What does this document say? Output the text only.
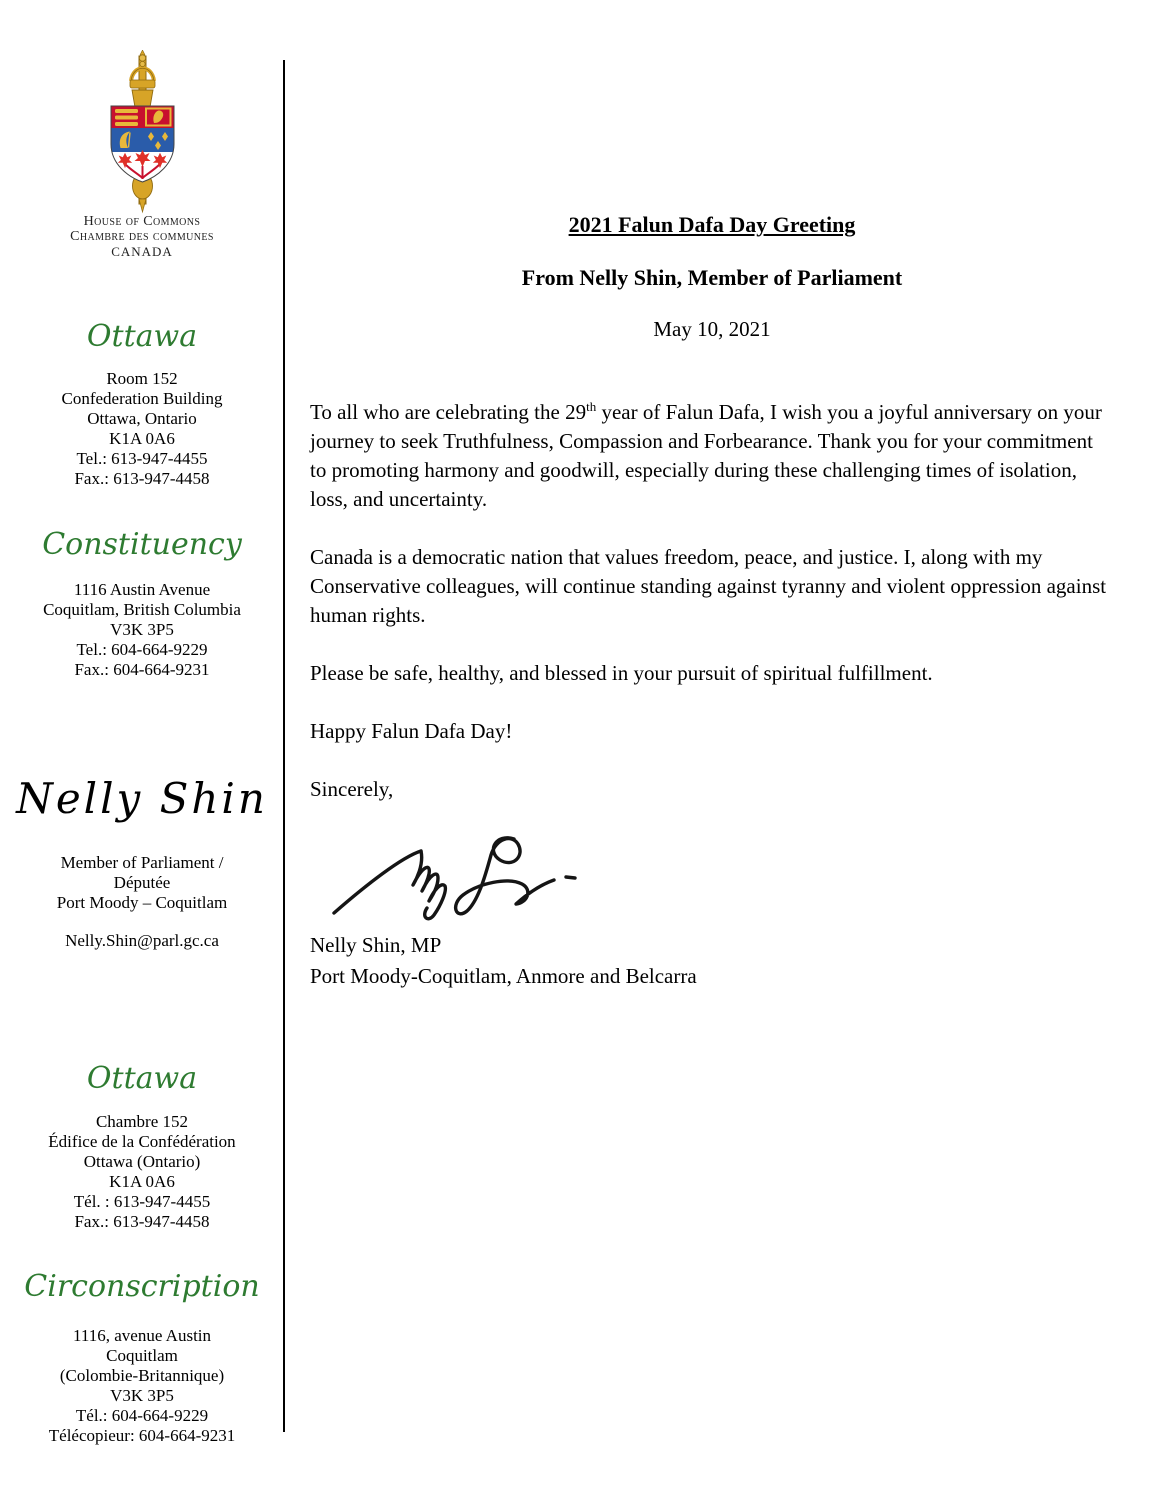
House of Commons
Chambre des communes
CANADA
Ottawa
Room 152
Confederation Building
Ottawa, Ontario
K1A 0A6
Tel.: 613-947-4455
Fax.: 613-947-4458
Constituency
1116 Austin Avenue
Coquitlam, British Columbia
V3K 3P5
Tel.: 604-664-9229
Fax.: 604-664-9231
Nelly Shin
Member of Parliament /
Députée
Port Moody – Coquitlam
Nelly.Shin@parl.gc.ca
Ottawa
Chambre 152
Édifice de la Confédération
Ottawa (Ontario)
K1A 0A6
Tél. : 613-947-4455
Fax.: 613-947-4458
Circonscription
1116, avenue Austin
Coquitlam
(Colombie-Britannique)
V3K 3P5
Tél.: 604-664-9229
Télécopieur: 604-664-9231
2021 Falun Dafa Day Greeting
From Nelly Shin, Member of Parliament
May 10, 2021

To all who are celebrating the 29th year of Falun Dafa, I wish you a joyful anniversary on your journey to seek Truthfulness, Compassion and Forbearance. Thank you for your commitment to promoting harmony and goodwill, especially during these challenging times of isolation, loss, and uncertainty.

Canada is a democratic nation that values freedom, peace, and justice. I, along with my Conservative colleagues, will continue standing against tyranny and violent oppression against human rights.

Please be safe, healthy, and blessed in your pursuit of spiritual fulfillment.

Happy Falun Dafa Day!

Sincerely,

Nelly Shin, MP
Port Moody-Coquitlam, Anmore and Belcarra
